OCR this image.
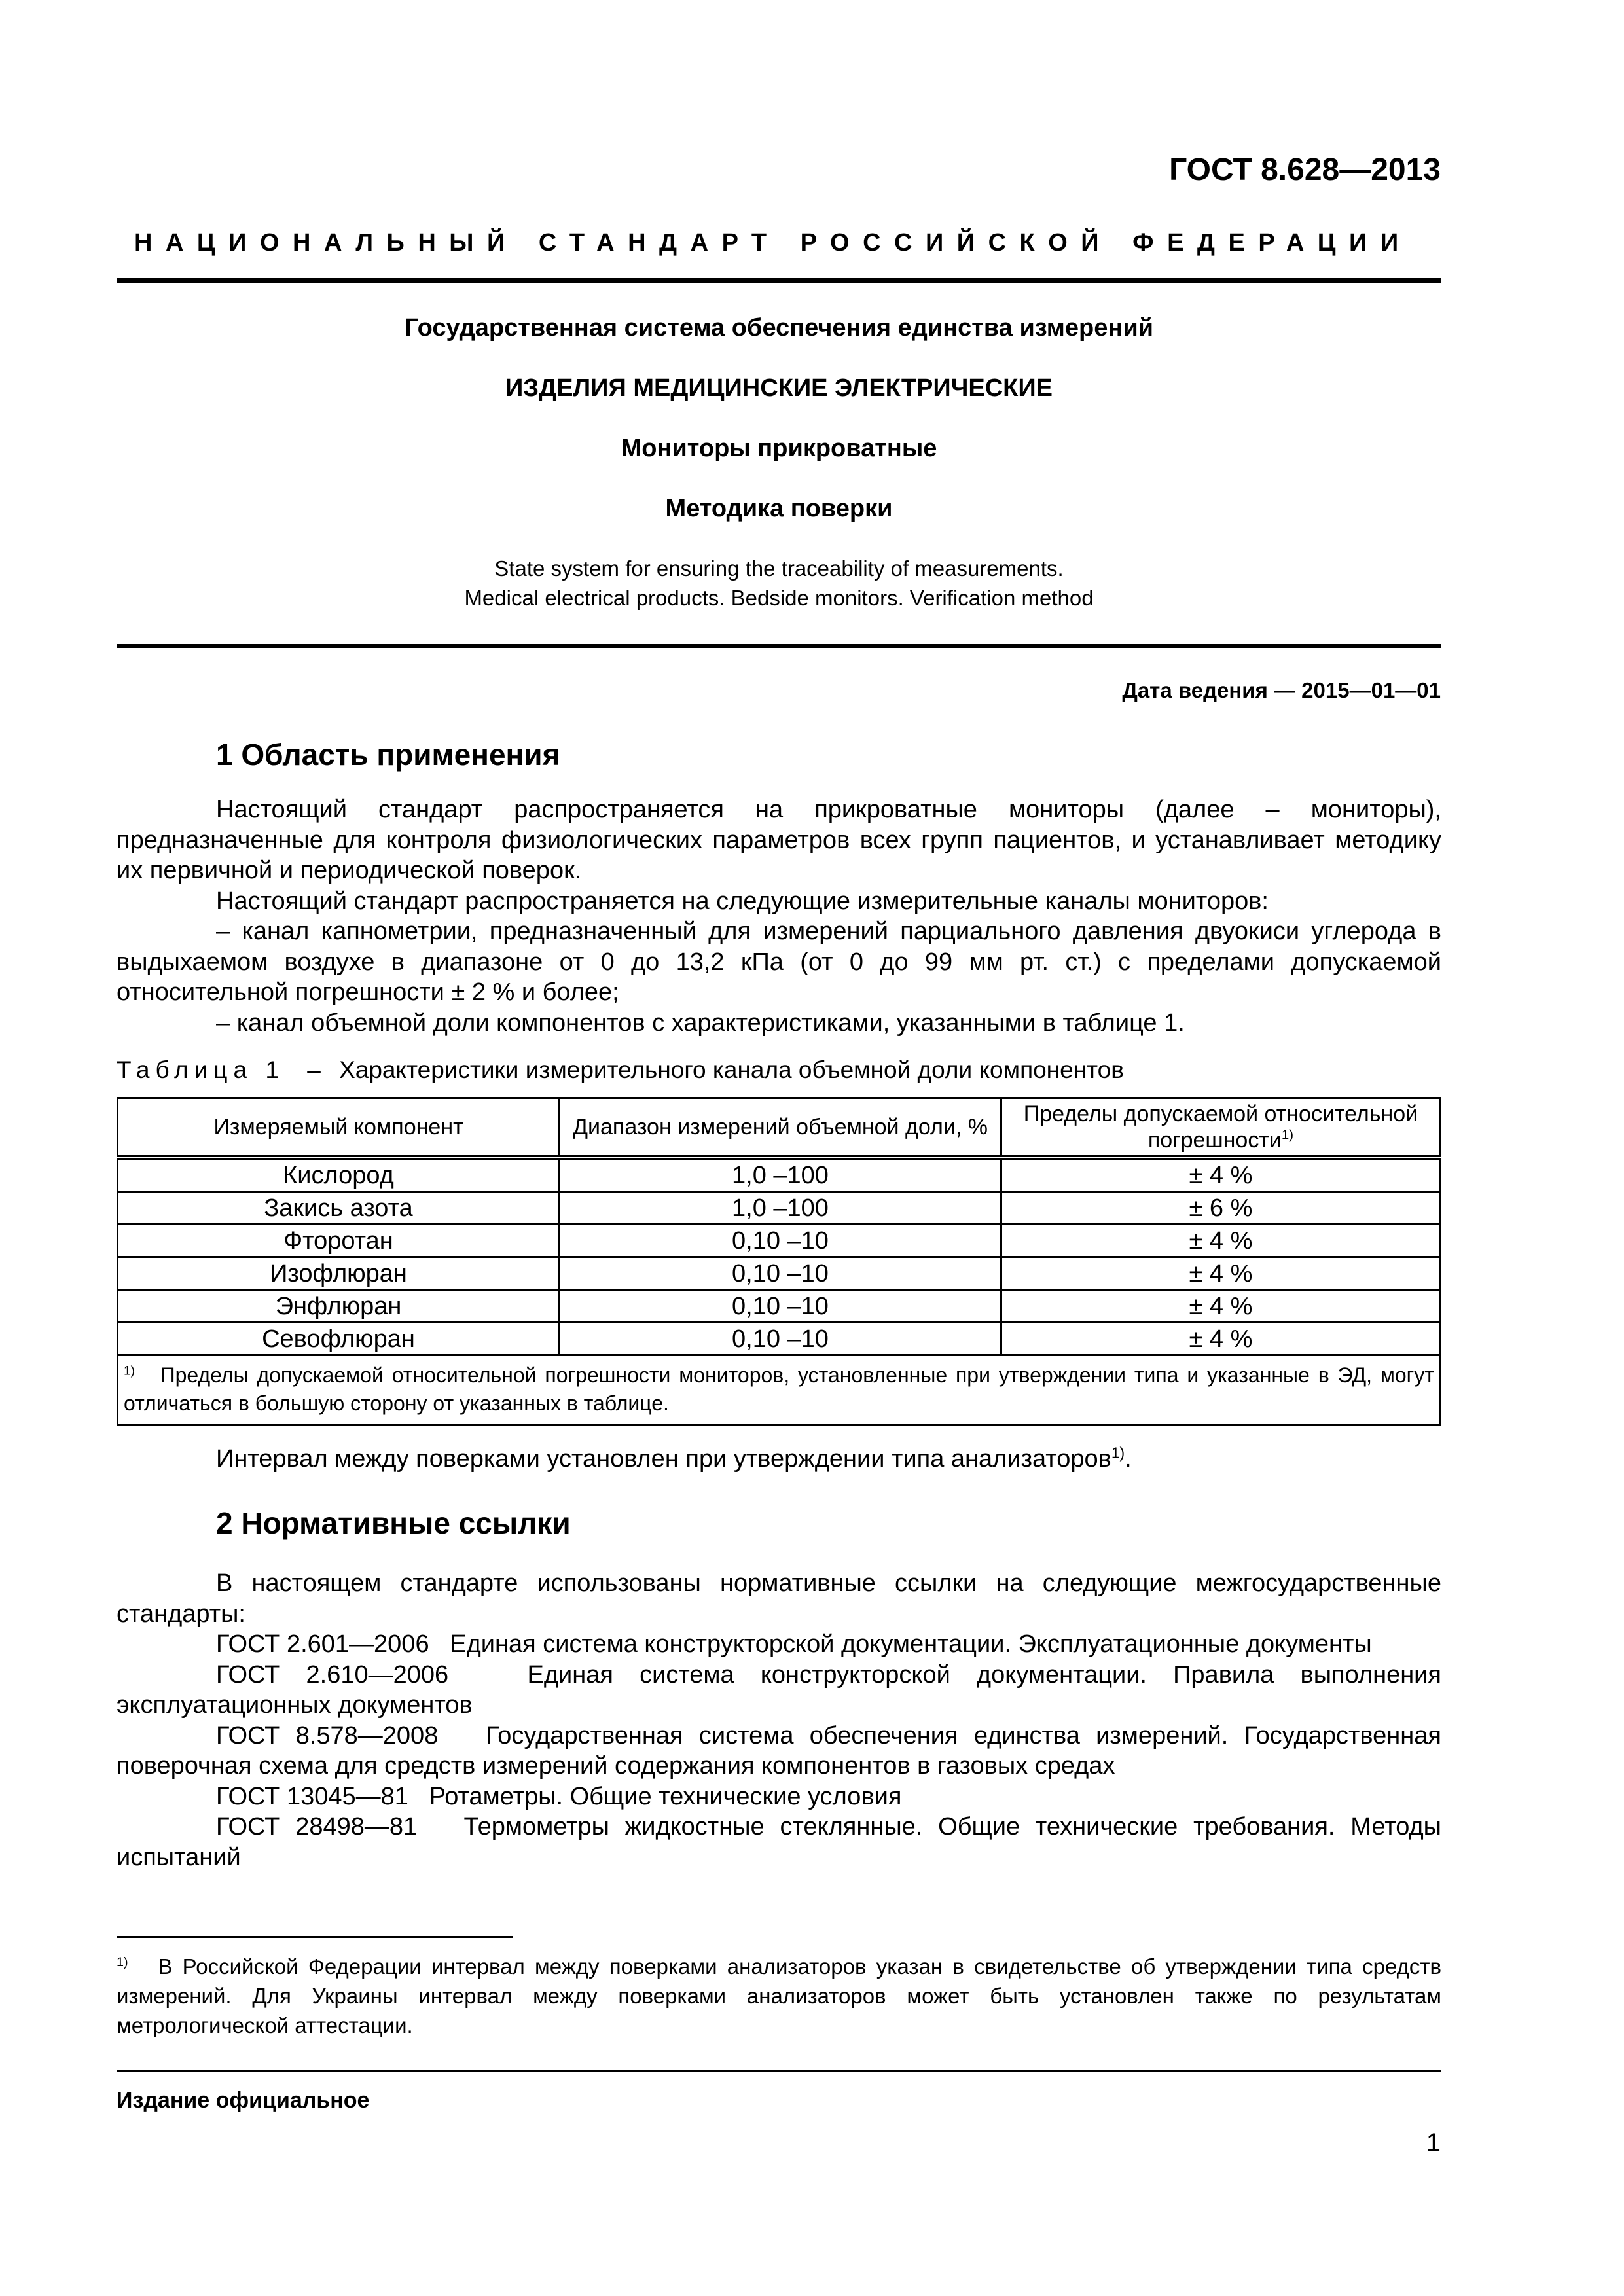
ГОСТ 8.628—2013
НАЦИОНАЛЬНЫЙ СТАНДАРТ РОССИЙСКОЙ ФЕДЕРАЦИИ
Государственная система обеспечения единства измерений
ИЗДЕЛИЯ МЕДИЦИНСКИЕ ЭЛЕКТРИЧЕСКИЕ
Мониторы прикроватные
Методика поверки
State system for ensuring the traceability of measurements.
Medical electrical products. Bedside monitors. Verification method
Дата ведения — 2015—01—01
1 Область применения

Настоящий стандарт распространяется на прикроватные мониторы (далее – мониторы), предназначенные для контроля физиологических параметров всех групп пациентов, и устанавливает методику их первичной и периодической поверок.

Настоящий стандарт распространяется на следующие измерительные каналы мониторов:

– канал капнометрии, предназначенный для измерений парциального давления двуокиси углерода в выдыхаемом воздухе в диапазоне от 0 до 13,2 кПа (от 0 до 99 мм рт. ст.) с пределами допускаемой относительной погрешности ± 2 % и более;

– канал объемной доли компонентов с характеристиками, указанными в таблице 1.

Таблица 1 – Характеристики измерительного канала объемной доли компонентов
Измеряемый компонент	Диапазон измерений объемной доли, %	Пределы допускаемой относительной погрешности$^{1)}$
Кислород	1,0 –100	± 4 %
Закись азота	1,0 –100	± 6 %
Фторотан	0,10 –10	± 4 %
Изофлюран	0,10 –10	± 4 %
Энфлюран	0,10 –10	± 4 %
Севофлюран	0,10 –10	± 4 %
$^{1)}$ Пределы допускаемой относительной погрешности мониторов, установленные при утверждении типа и указанные в ЭД, могут отличаться в большую сторону от указанных в таблице.		

Интервал между поверками установлен при утверждении типа анализаторов$^{1)}$.

2 Нормативные ссылки

В настоящем стандарте использованы нормативные ссылки на следующие межгосударственные стандарты:

ГОСТ 2.601—2006 Единая система конструкторской документации. Эксплуатационные документы

ГОСТ 2.610—2006	Единая система конструкторской документации. Правила выполнения эксплуатационных документов

ГОСТ 8.578—2008 Государственная система обеспечения единства измерений. Государственная поверочная схема для средств измерений содержания компонентов в газовых средах

ГОСТ 13045—81 Ротаметры. Общие технические условия

ГОСТ 28498—81 Термометры жидкостные стеклянные. Общие технические требования. Методы испытаний

$^{1)}$ В Российской Федерации интервал между поверками анализаторов указан в свидетельстве об утверждении типа средств измерений. Для Украины интервал между поверками анализаторов может быть установлен также по результатам метрологической аттестации.
Издание официальное
1
